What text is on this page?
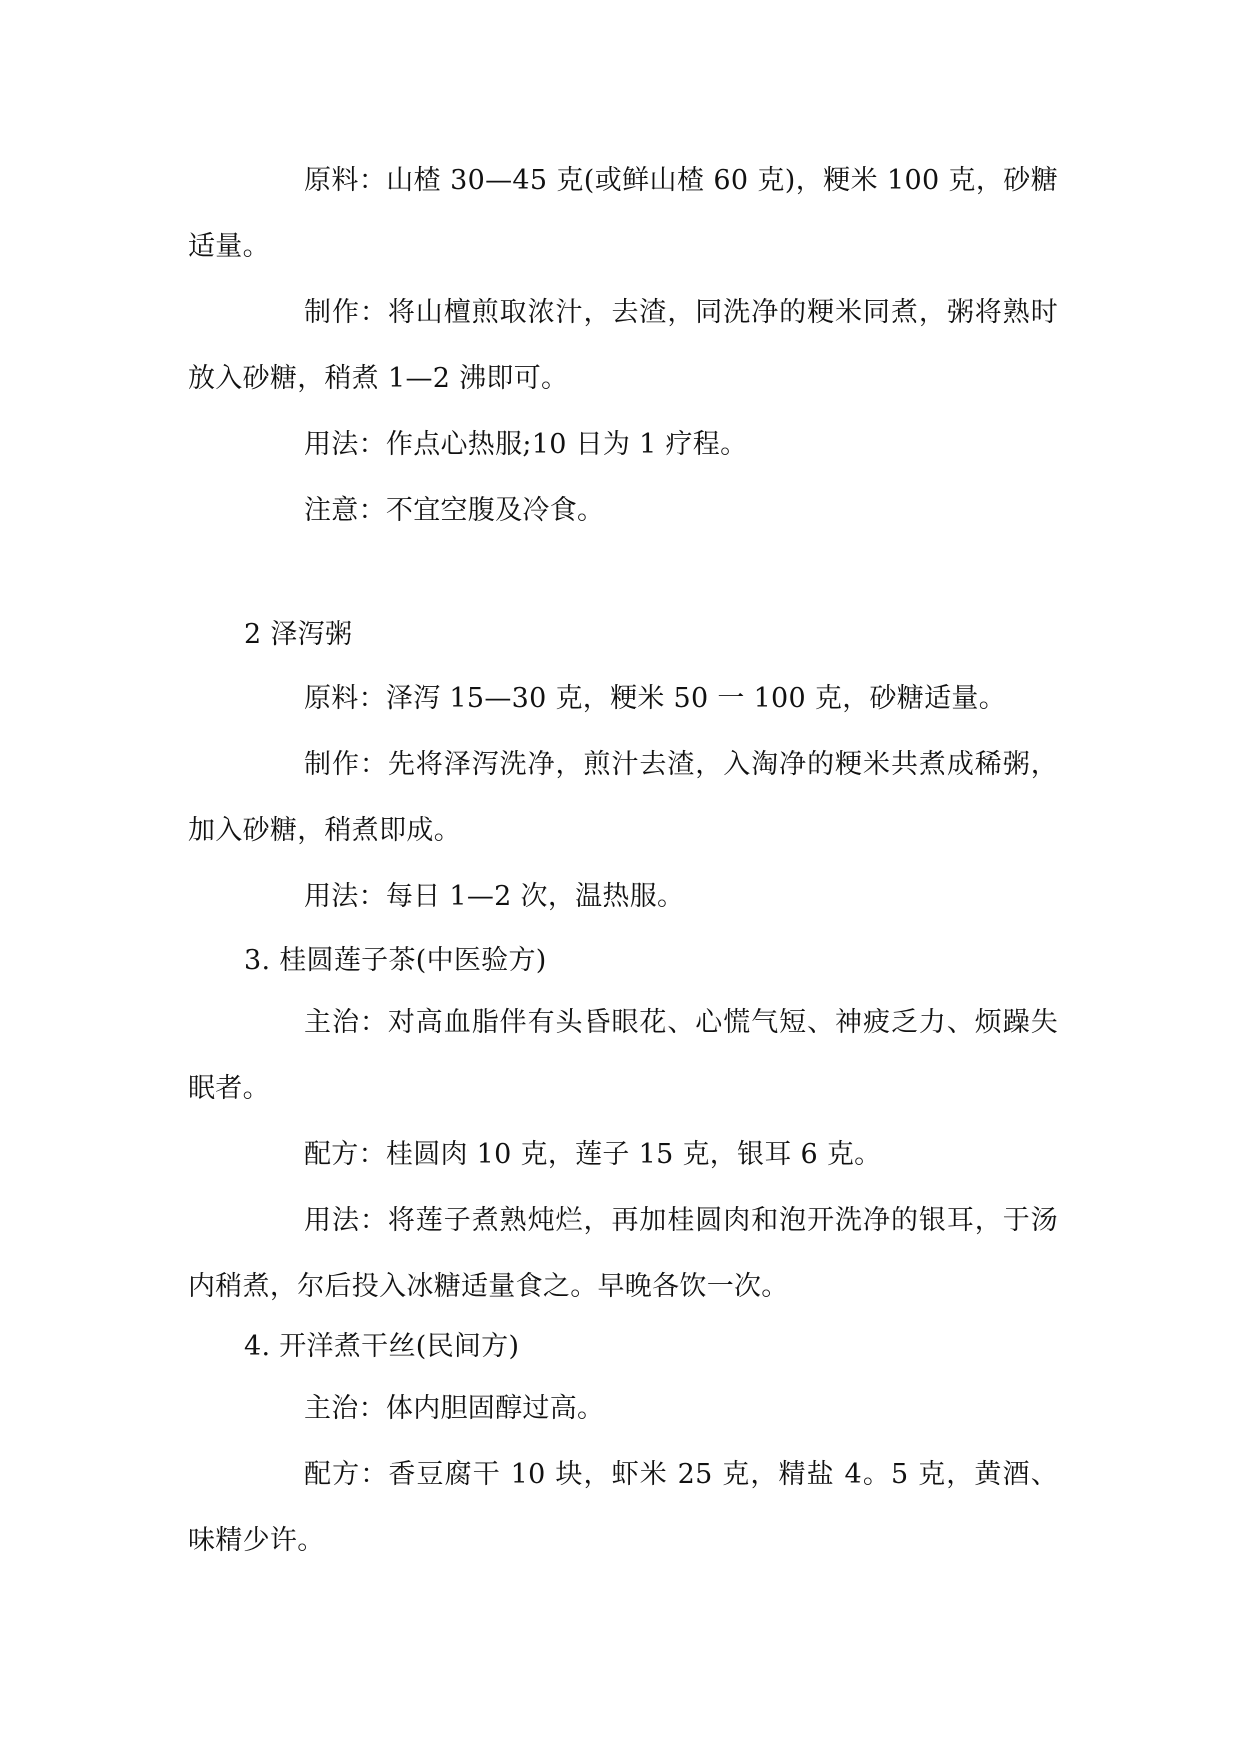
原料：山楂 30—45 克(或鲜山楂 60 克)，粳米 100 克，砂糖适量。
制作：将山檀煎取浓汁，去渣，同洗净的粳米同煮，粥将熟时放入砂糖，稍煮 1—2 沸即可。
用法：作点心热服;10 日为 1 疗程。
注意：不宜空腹及冷食。
2 泽泻粥
原料：泽泻 15—30 克，粳米 50 一 100 克，砂糖适量。
制作：先将泽泻洗净，煎汁去渣，入淘净的粳米共煮成稀粥，加入砂糖，稍煮即成。
用法：每日 1—2 次，温热服。
3. 桂圆莲子茶(中医验方)
主治：对高血脂伴有头昏眼花、心慌气短、神疲乏力、烦躁失眠者。
配方：桂圆肉 10 克，莲子 15 克，银耳 6 克。
用法：将莲子煮熟炖烂，再加桂圆肉和泡开洗净的银耳，于汤内稍煮，尔后投入冰糖适量食之。早晚各饮一次。
4. 开洋煮干丝(民间方)
主治：体内胆固醇过高。
配方：香豆腐干 10 块，虾米 25 克，精盐 4。5 克，黄酒、味精少许。
